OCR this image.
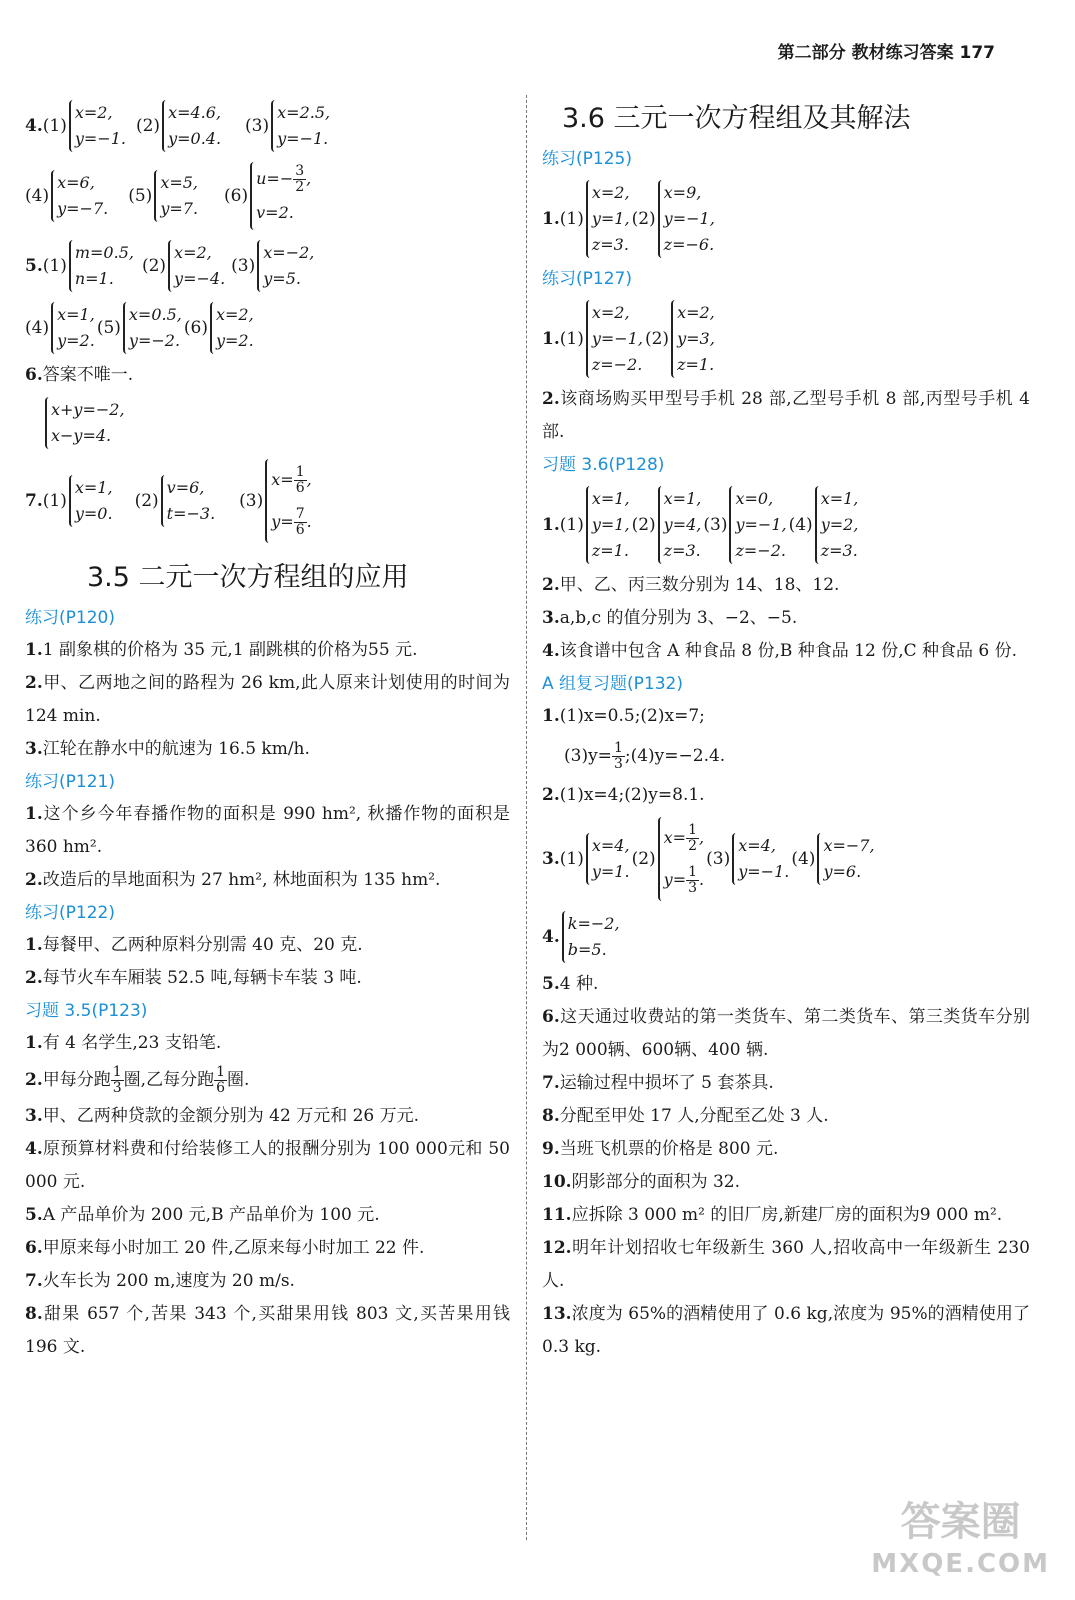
第二部分 教材练习答案 177
4. (1)
x=2,
y=−1.
(2)
x=4.6,
y=0.4.
(3)
x=2.5,
y=−1.
(4)
x=6,
y=−7.
(5)
x=5,
y=7.
(6)
$u=- \frac{3}{2}$ ,
v=2.
5. (1)
m=0.5,
n=1.
(2)
x=2,
y=−4.
(3)
x=−2,
y=5.
(4)
x=1,
y=2.
(5)
x=0.5,
y=−2.
(6)
x=2,
y=2.
6.答案不唯一.
x+y=−2,
x−y=4.
7. (1)
x=1,
y=0.
(2)
v=6,
t=−3.
(3)
$x= \frac{1}{6}$ ,
$y= \frac{7}{6}$ .
3.5 二元一次方程组的应用
练习(P120)
1.1 副象棋的价格为 35 元,1 副跳棋的价格为55 元.
2.甲、乙两地之间的路程为 26 km,此人原来计划使用的时间为 124 min.
3.江轮在静水中的航速为 16.5 km/h.
练习(P121)
1.这个乡今年春播作物的面积是 990 hm², 秋播作物的面积是 360 hm².
2.改造后的旱地面积为 27 hm², 林地面积为 135 hm².
练习(P122)
1.每餐甲、乙两种原料分别需 40 克、20 克.
2.每节火车车厢装 52.5 吨,每辆卡车装 3 吨.
习题 3.5(P123)
1.有 4 名学生,23 支铅笔.
2.甲每分跑 $\frac{1}{3}$ 圈,乙每分跑 $\frac{1}{6}$ 圈.
3.甲、乙两种贷款的金额分别为 42 万元和 26 万元.
4.原预算材料费和付给装修工人的报酬分别为 100 000元和 50 000 元.
5.A 产品单价为 200 元,B 产品单价为 100 元.
6.甲原来每小时加工 20 件,乙原来每小时加工 22 件.
7.火车长为 200 m,速度为 20 m/s.
8.甜果 657 个,苦果 343 个,买甜果用钱 803 文,买苦果用钱 196 文.
3.6 三元一次方程组及其解法
练习(P125)
1. (1)
x=2,
y=1,
z=3.
(2)
x=9,
y=−1,
z=−6.
练习(P127)
1. (1)
x=2,
y=−1,
z=−2.
(2)
x=2,
y=3,
z=1.
2.该商场购买甲型号手机 28 部,乙型号手机 8 部,丙型号手机 4 部.
习题 3.6(P128)
1. (1)
x=1,
y=1,
z=1.
(2)
x=1,
y=4,
z=3.
(3)
x=0,
y=−1,
z=−2.
(4)
x=1,
y=2,
z=3.
2.甲、乙、丙三数分别为 14、18、12.
3.a,b,c 的值分别为 3、−2、−5.
4.该食谱中包含 A 种食品 8 份,B 种食品 12 份,C 种食品 6 份.
A 组复习题(P132)
1.(1)x=0.5;(2)x=7;
$(3)y= \frac{1}{3}$ ;(4)y=−2.4.
2.(1)x=4;(2)y=8.1.
3. (1)
x=4,
y=1.
(2)
$x= \frac{1}{2}$ ,
$y= \frac{1}{3}$ .
(3)
x=4,
y=−1.
(4)
x=−7,
y=6.
4.
k=−2,
b=5.
5.4 种.
6.这天通过收费站的第一类货车、第二类货车、第三类货车分别为2 000辆、600辆、400 辆.
7.运输过程中损坏了 5 套茶具.
8.分配至甲处 17 人,分配至乙处 3 人.
9.当班飞机票的价格是 800 元.
10.阴影部分的面积为 32.
11.应拆除 3 000 m² 的旧厂房,新建厂房的面积为9 000 m².
12.明年计划招收七年级新生 360 人,招收高中一年级新生 230 人.
13.浓度为 65%的酒精使用了 0.6 kg,浓度为 95%的酒精使用了 0.3 kg.
答案圈
MXQE.COM
